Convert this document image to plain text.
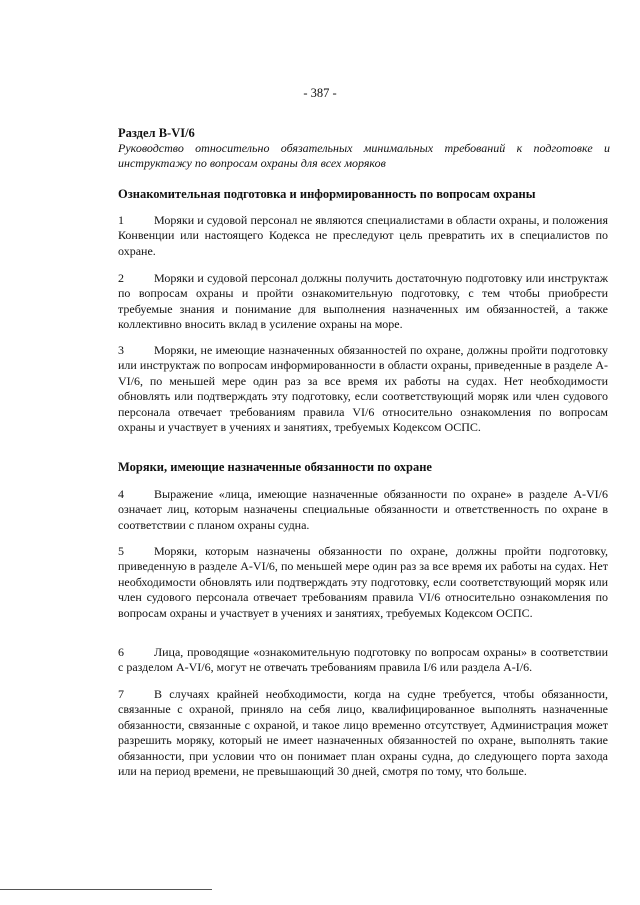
- 387 -
Раздел В-VI/6
Руководство относительно обязательных минимальных требований к подготовке и инструктажу по вопросам охраны для всех моряков
Ознакомительная подготовка и информированность по вопросам охраны
1	Моряки и судовой персонал не являются специалистами в области охраны, и положения Конвенции или настоящего Кодекса не преследуют цель превратить их в специалистов по охране.
2	Моряки и судовой персонал должны получить достаточную подготовку или инструктаж по вопросам охраны и пройти ознакомительную подготовку, с тем чтобы приобрести требуемые знания и понимание для выполнения назначенных им обязанностей, а также коллективно вносить вклад в усиление охраны на море.
3	Моряки, не имеющие назначенных обязанностей по охране, должны пройти подготовку или инструктаж по вопросам информированности в области охраны, приведенные в разделе А-VI/6, по меньшей мере один раз за все время их работы на судах. Нет необходимости обновлять или подтверждать эту подготовку, если соответствующий моряк или член судового персонала отвечает требованиям правила VI/6 относительно ознакомления по вопросам охраны и участвует в учениях и занятиях, требуемых Кодексом ОСПС.
Моряки, имеющие назначенные обязанности по охране
4	Выражение «лица, имеющие назначенные обязанности по охране» в разделе А-VI/6 означает лиц, которым назначены специальные обязанности и ответственность по охране в соответствии с планом охраны судна.
5	Моряки, которым назначены обязанности по охране, должны пройти подготовку, приведенную в разделе А-VI/6, по меньшей мере один раз за все время их работы на судах. Нет необходимости обновлять или подтверждать эту подготовку, если соответствующий моряк или член судового персонала отвечает требованиям правила VI/6 относительно ознакомления по вопросам охраны и участвует в учениях и занятиях, требуемых Кодексом ОСПС.
6	Лица, проводящие «ознакомительную подготовку по вопросам охраны» в соответствии с разделом А-VI/6, могут не отвечать требованиям правила I/6 или раздела А-I/6.
7	В случаях крайней необходимости, когда на судне требуется, чтобы обязанности, связанные с охраной, приняло на себя лицо, квалифицированное выполнять назначенные обязанности, связанные с охраной, и такое лицо временно отсутствует, Администрация может разрешить моряку, который не имеет назначенных обязанностей по охране, выполнять такие обязанности, при условии что он понимает план охраны судна, до следующего порта захода или на период времени, не превышающий 30 дней, смотря по тому, что больше.
